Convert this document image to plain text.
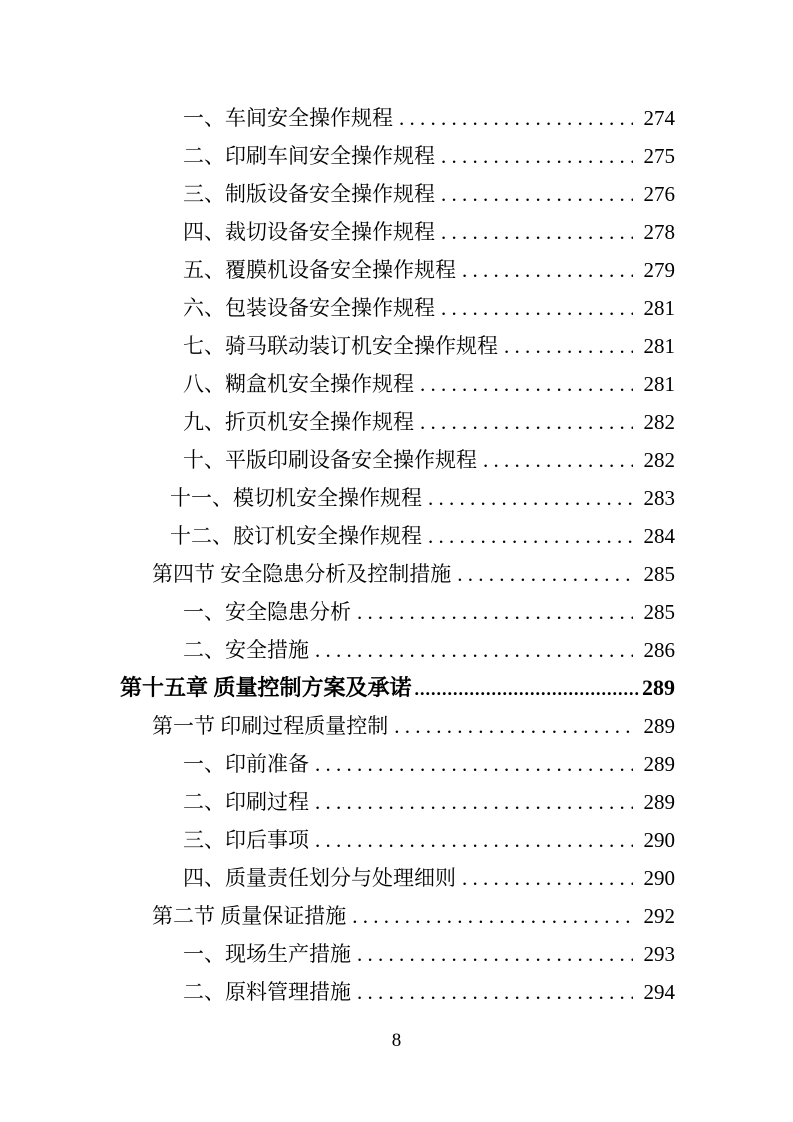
一、车间安全操作规程 . . .	274
二、印刷车间安全操作规程 . . .	275
三、制版设备安全操作规程 . . .	276
四、裁切设备安全操作规程 . . .	278
五、覆膜机设备安全操作规程 . . .	279
六、包装设备安全操作规程 . . .	281
七、骑马联动装订机安全操作规程 . . .	281
八、糊盒机安全操作规程 . . .	281
九、折页机安全操作规程 . . .	282
十、平版印刷设备安全操作规程 . . .	282
十一、模切机安全操作规程 . . .	283
十二、胶订机安全操作规程 . . .	284
第四节 安全隐患分析及控制措施 . . .	285
一、安全隐患分析 . . .	285
二、安全措施 . . .	286
第十五章 质量控制方案及承诺 .....	289
第一节 印刷过程质量控制 . . .	289
一、印前准备 . . .	289
二、印刷过程 . . .	289
三、印后事项 . . .	290
四、质量责任划分与处理细则 . . .	290
第二节 质量保证措施 . . .	292
一、现场生产措施 . . .	293
二、原料管理措施 . . .	294
8
